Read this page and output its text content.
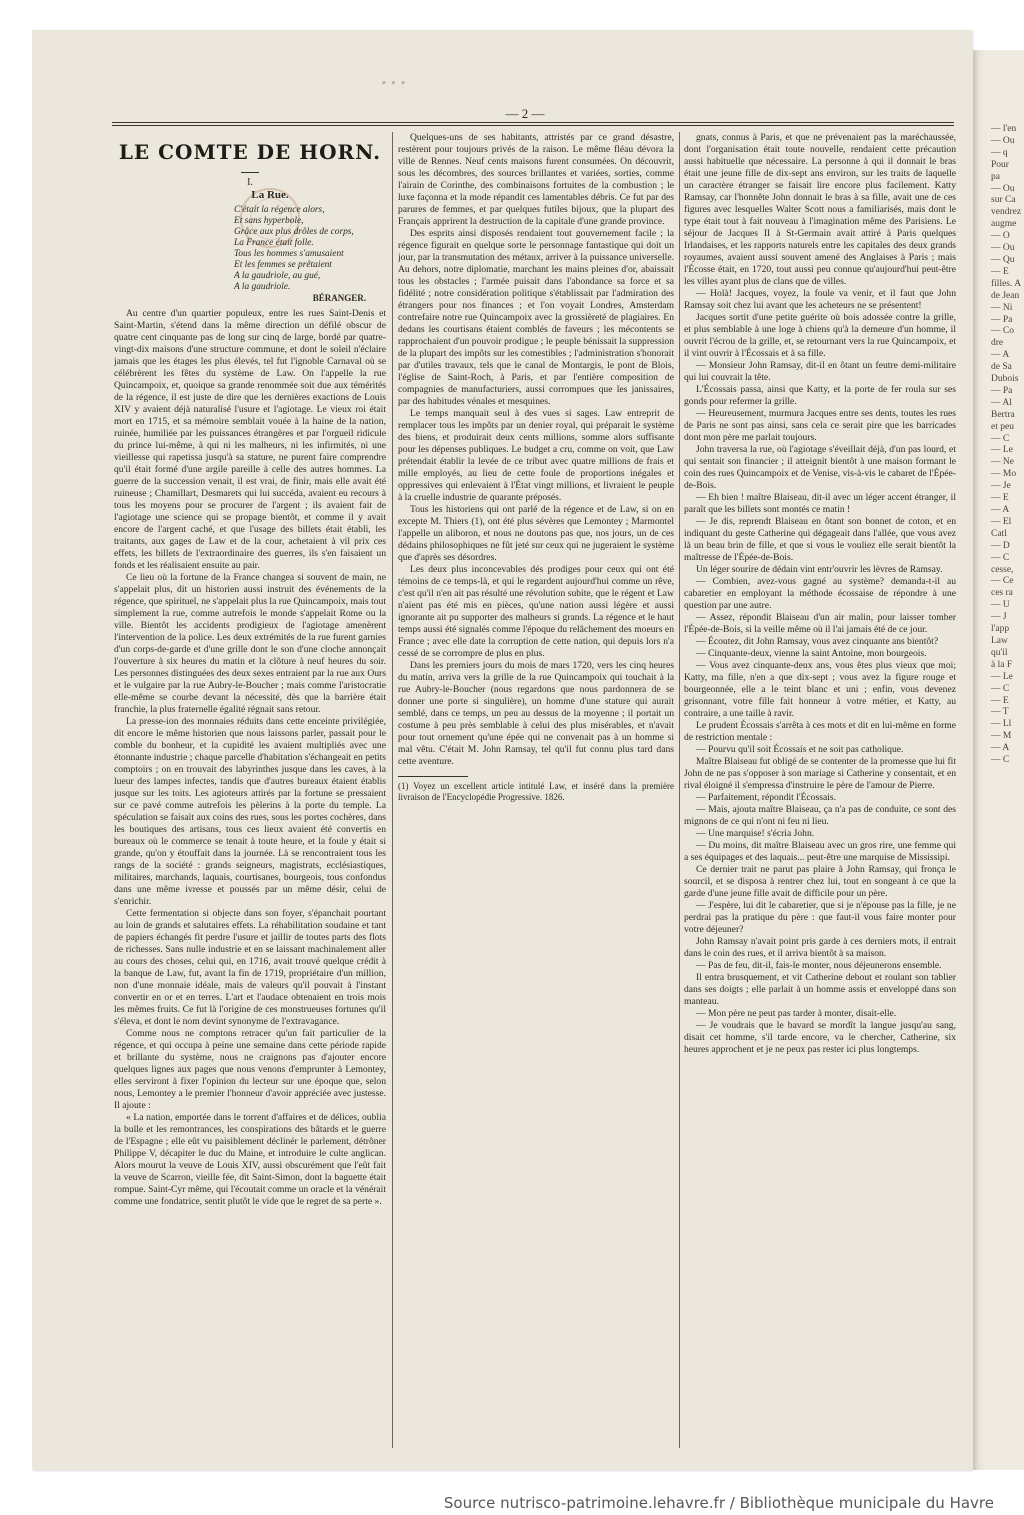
— l'en
— Ou
— q
Pour
pa
— Ou
sur Ca
vendrez
augme
— O
— Ou
— Qu
— E
filles. A
de Jean
— Ni
— Pa
— Co
dre
— A
de Sa
Dubois
— Pa
— Al
Bertra
et peu
— C
— Le
— Ne
— Mo
— Je
— E
— A
— El
Catl
— D
— C
cesse,
— Ce
ces ra
— U
— J
l'app
Law
qu'il
à la F
— Le
— C
— E
— T
— Ll
— M
— A
— C
...
— 2 —
LE COMTE DE HORN.
I.
La Rue.
C'était la régence alors,
Et sans hyperbole,
Grâce aux plus drôles de corps,
La France était folle.
Tous les hommes s'amusaient
Et les femmes se prêtaient
A la gaudriole, au gué,
A la gaudriole.
BÉRANGER.

Au centre d'un quartier populeux, entre les rues Saint-Denis et Saint-Martin, s'étend dans la même direction un défilé obscur de quatre cent cinquante pas de long sur cinq de large, bordé par quatre-vingt-dix maisons d'une structure commune, et dont le soleil n'éclaire jamais que les étages les plus élevés, tel fut l'ignoble Carnaval où se célébrèrent les fêtes du système de Law. On l'appelle la rue Quincampoix, et, quoique sa grande renommée soit due aux témérités de la régence, il est juste de dire que les dernières exactions de Louis XIV y avaient déjà naturalisé l'usure et l'agiotage. Le vieux roi était mort en 1715, et sa mémoire semblait vouée à la haine de la nation, ruinée, humiliée par les puissances étrangères et par l'orgueil ridicule du prince lui-même, à qui ni les malheurs, ni les infirmités, ni une vieillesse qui rapetissa jusqu'à sa stature, ne purent faire comprendre qu'il était formé d'une argile pareille à celle des autres hommes. La guerre de la succession venait, il est vrai, de finir, mais elle avait été ruineuse ; Chamillart, Desmarets qui lui succéda, avaient eu recours à tous les moyens pour se procurer de l'argent ; ils avaient fait de l'agiotage une science qui se propage bientôt, et comme il y avait encore de l'argent caché, et que l'usage des billets était établi, les traitants, aux gages de Law et de la cour, achetaient à vil prix ces effets, les billets de l'extraordinaire des guerres, ils s'en faisaient un fonds et les réalisaient ensuite au pair.

Ce lieu où la fortune de la France changea si souvent de main, ne s'appelait plus, dit un historien aussi instruit des événements de la régence, que spirituel, ne s'appelait plus la rue Quincampoix, mais tout simplement la rue, comme autrefois le monde s'appelait Rome ou la ville. Bientôt les accidents prodigieux de l'agiotage amenèrent l'intervention de la police. Les deux extrémités de la rue furent garnies d'un corps-de-garde et d'une grille dont le son d'une cloche annonçait l'ouverture à six heures du matin et la clôture à neuf heures du soir. Les personnes distinguées des deux sexes entraient par la rue aux Ours et le vulgaire par la rue Aubry-le-Boucher ; mais comme l'aristocratie elle-même se courbe devant la nécessité, dès que la barrière était franchie, la plus fraternelle égalité régnait sans retour.

La presse-ion des monnaies réduits dans cette enceinte privilégiée, dit encore le même historien que nous laissons parler, passait pour le comble du bonheur, et la cupidité les avaient multipliés avec une étonnante industrie ; chaque parcelle d'habitation s'échangeait en petits comptoirs ; on en trouvait des labyrinthes jusque dans les caves, à la lueur des lampes infectes, tandis que d'autres bureaux étaient établis jusque sur les toits. Les agioteurs attirés par la fortune se pressaient sur ce pavé comme autrefois les pèlerins à la porte du temple. La spéculation se faisait aux coins des rues, sous les portes cochères, dans les boutiques des artisans, tous ces lieux avaient été convertis en bureaux où le commerce se tenait à toute heure, et la foule y était si grande, qu'on y étouffait dans la journée. Là se rencontraient tous les rangs de la société : grands seigneurs, magistrats, ecclésiastiques, militaires, marchands, laquais, courtisanes, bourgeois, tous confondus dans une même ivresse et poussés par un même désir, celui de s'enrichir.

Cette fermentation si objecte dans son foyer, s'épanchait pourtant au loin de grands et salutaires effets. La réhabilitation soudaine et tant de papiers échangés fit perdre l'usure et jaillir de toutes parts des flots de richesses. Sans nulle industrie et en se laissant machinalement aller au cours des choses, celui qui, en 1716, avait trouvé quelque crédit à la banque de Law, fut, avant la fin de 1719, propriétaire d'un million, non d'une monnaie idéale, mais de valeurs qu'il pouvait à l'instant convertir en or et en terres. L'art et l'audace obtenaient en trois mois les mêmes fruits. Ce fut là l'origine de ces monstrueuses fortunes qu'il s'éleva, et dont le nom devint synonyme de l'extravagance.

Comme nous ne comptons retracer qu'un fait particulier de la régence, et qui occupa à peine une semaine dans cette période rapide et brillante du système, nous ne craignons pas d'ajouter encore quelques lignes aux pages que nous venons d'emprunter à Lemontey, elles serviront à fixer l'opinion du lecteur sur une époque que, selon nous, Lemontey a le premier l'honneur d'avoir appréciée avec justesse. Il ajoute :

« La nation, emportée dans le torrent d'affaires et de délices, oublia la bulle et les remontrances, les conspirations des bâtards et le guerre de l'Espagne ; elle eût vu paisiblement déclinér le parlement, détrôner Philippe V, décapiter le duc du Maine, et introduire le culte anglican. Alors mourut la veuve de Louis XIV, aussi obscurément que l'eût fait la veuve de Scarron, vieille fée, dit Saint-Simon, dont la baguette était rompue. Saint-Cyr même, qui l'écoutait comme un oracle et la vénérait comme une fondatrice, sentit plutôt le vide que le regret de sa perte ».

Quelques-uns de ses habitants, attristés par ce grand désastre, restèrent pour toujours privés de la raison. Le même fléau dévora la ville de Rennes. Neuf cents maisons furent consumées. On découvrit, sous les décombres, des sources brillantes et variées, sorties, comme l'airain de Corinthe, des combinaisons fortuites de la combustion ; le luxe façonna et la mode répandit ces lamentables débris. Ce fut par des parures de femmes, et par quelques futiles bijoux, que la plupart des Français apprirent la destruction de la capitale d'une grande province.

Des esprits ainsi disposés rendaient tout gouvernement facile ; la régence figurait en quelque sorte le personnage fantastique qui doit un jour, par la transmutation des métaux, arriver à la puissance universelle. Au dehors, notre diplomatie, marchant les mains pleines d'or, abaissait tous les obstacles ; l'armée puisait dans l'abondance sa force et sa fidélité ; notre considération politique s'établissait par l'admiration des étrangers pour nos finances ; et l'on voyait Londres, Amsterdam contrefaire notre rue Quincampoix avec la grossièreté de plagiaires. En dedans les courtisans étaient comblés de faveurs ; les mécontents se rapprochaient d'un pouvoir prodigue ; le peuple bénissait la suppression de la plupart des impôts sur les comestibles ; l'administration s'honorait par d'utiles travaux, tels que le canal de Montargis, le pont de Blois, l'église de Saint-Roch, à Paris, et par l'entière composition de compagnies de manufacturiers, aussi corrompues que les janissaires, par des habitudes vénales et mesquines.

Le temps manquait seul à des vues si sages. Law entreprit de remplacer tous les impôts par un denier royal, qui préparait le système des biens, et produirait deux cents millions, somme alors suffisante pour les dépenses publiques. Le budget a cru, comme on voit, que Law prétendait établir la levée de ce tribut avec quatre millions de frais et mille employés, au lieu de cette foule de proportions inégales et oppressives qui enlevaient à l'État vingt millions, et livraient le peuple à la cruelle industrie de quarante préposés.

Tous les historiens qui ont parlé de la régence et de Law, si on en excepte M. Thiers (1), ont été plus sévères que Lemontey ; Marmontel l'appelle un aliboron, et nous ne doutons pas que, nos jours, un de ces dédains philosophiques ne fût jeté sur ceux qui ne jugeraient le système que d'après ses désordres.

Les deux plus inconcevables dés prodiges pour ceux qui ont été témoins de ce temps-là, et qui le regardent aujourd'hui comme un rêve, c'est qu'il n'en ait pas résulté une révolution subite, que le régent et Law n'aient pas été mis en pièces, qu'une nation aussi légère et aussi ignorante ait pu supporter des malheurs si grands. La régence et le haut temps aussi été signalés comme l'époque du relâchement des moeurs en France ; avec elle date la corruption de cette nation, qui depuis lors n'a cessé de se corrompre de plus en plus.

Dans les premiers jours du mois de mars 1720, vers les cinq heures du matin, arriva vers la grille de la rue Quincampoix qui touchait à la rue Aubry-le-Boucher (nous regardons que nous pardonnera de se donner une porte si singulière), un homme d'une stature qui aurait semblé, dans ce temps, un peu au dessus de la moyenne ; il portait un costume à peu près semblable à celui des plus misérables, et n'avait pour tout ornement qu'une épée qui ne convenait pas à un homme si mal vêtu. C'était M. John Ramsay, tel qu'il fut connu plus tard dans cette aventure.

(1) Voyez un excellent article intitulé Law, et inséré dans la première livraison de l'Encyclopédie Progressive. 1826.

gnats, connus à Paris, et que ne prévenaient pas la maréchaussée, dont l'organisation était toute nouvelle, rendaient cette précaution aussi habituelle que nécessaire. La personne à qui il donnait le bras était une jeune fille de dix-sept ans environ, sur les traits de laquelle un caractère étranger se faisait lire encore plus facilement. Katty Ramsay, car l'honnête John donnait le bras à sa fille, avait une de ces figures avec lesquelles Walter Scott nous a familiarisés, mais dont le type était tout à fait nouveau à l'imagination même des Parisiens. Le séjour de Jacques II à St-Germain avait attiré à Paris quelques Irlandaises, et les rapports naturels entre les capitales des deux grands royaumes, avaient aussi souvent amené des Anglaises à Paris ; mais l'Écosse était, en 1720, tout aussi peu connue qu'aujourd'hui peut-être les villes ayant plus de clans que de villes.

— Holà! Jacques, voyez, la foule va venir, et il faut que John Ramsay soit chez lui avant que les acheteurs ne se présentent!

Jacques sortit d'une petite guérite où bois adossée contre la grille, et plus semblable à une loge à chiens qu'à la demeure d'un homme, il ouvrit l'écrou de la grille, et, se retournant vers la rue Quincampoix, et il vint ouvrir à l'Écossais et à sa fille.

— Monsieur John Ramsay, dit-il en ôtant un feutre demi-militaire qui lui couvrait la tête.

L'Écossais passa, ainsi que Katty, et la porte de fer roula sur ses gonds pour refermer la grille.

— Heureusement, murmura Jacques entre ses dents, toutes les rues de Paris ne sont pas ainsi, sans cela ce serait pire que les barricades dont mon père me parlait toujours.

John traversa la rue, où l'agiotage s'éveillait déjà, d'un pas lourd, et qui sentait son financier ; il atteignit bientôt à une maison formant le coin des rues Quincampoix et de Venise, vis-à-vis le cabaret de l'Épée-de-Bois.

— Eh bien ! maître Blaiseau, dit-il avec un léger accent étranger, il paraît que les billets sont montés ce matin !

— Je dis, reprendt Blaiseau en ôtant son bonnet de coton, et en indiquant du geste Catherine qui dégageait dans l'allée, que vous avez là un beau brin de fille, et que si vous le vouliez elle serait bientôt la maîtresse de l'Épée-de-Bois.

Un léger sourire de dédain vint entr'ouvrir les lèvres de Ramsay.

— Combien, avez-vous gagné au système? demanda-t-il au cabaretier en employant la méthode écossaise de répondre à une question par une autre.

— Assez, répondit Blaiseau d'un air malin, pour laisser tomber l'Épée-de-Bois, si la veille même où il l'ai jamais été de ce jour.

— Écoutez, dit John Ramsay, vous avez cinquante ans bientôt?

— Cinquante-deux, vienne la saint Antoine, mon bourgeois.

— Vous avez cinquante-deux ans, vous êtes plus vieux que moi; Katty, ma fille, n'en a que dix-sept ; vous avez la figure rouge et bourgeonnée, elle a le teint blanc et uni ; enfin, vous devenez grisonnant, votre fille fait honneur à votre métier, et Katty, au contraire, a une taille à ravir.

Le prudent Écossais s'arrêta à ces mots et dit en lui-même en forme de restriction mentale :

— Pourvu qu'il soit Écossais et ne soit pas catholique.

Maître Blaiseau fut obligé de se contenter de la promesse que lui fit John de ne pas s'opposer à son mariage si Catherine y consentait, et en rival éloigné il s'empressa d'instruire le père de l'amour de Pierre.

— Parfaitement, répondit l'Écossais.

— Mais, ajouta maître Blaiseau, ça n'a pas de conduite, ce sont des mignons de ce qui n'ont ni feu ni lieu.

— Une marquise! s'écria John.

— Du moins, dit maître Blaiseau avec un gros rire, une femme qui a ses équipages et des laquais... peut-être une marquise de Mississipi.

Ce dernier trait ne parut pas plaire à John Ramsay, qui fronça le sourcil, et se disposa à rentrer chez lui, tout en songeant à ce que la garde d'une jeune fille avait de difficile pour un père.

— J'espère, lui dit le cabaretier, que si je n'épouse pas la fille, je ne perdrai pas la pratique du père : que faut-il vous faire monter pour votre déjeuner?

John Ramsay n'avait point pris garde à ces derniers mots, il entrait dans le coin des rues, et il arriva bientôt à sa maison.

— Pas de feu, dit-il, fais-le monter, nous déjeunerons ensemble.

Il entra brusquement, et vit Catherine debout et roulant son tablier dans ses doigts ; elle parlait à un homme assis et enveloppé dans son manteau.

— Mon père ne peut pas tarder à monter, disait-elle.

— Je voudrais que le bavard se mordît la langue jusqu'au sang, disait cet homme, s'il tarde encore, va le chercher, Catherine, six heures approchent et je ne peux pas rester ici plus longtemps.

Source nutrisco-patrimoine.lehavre.fr / Bibliothèque municipale du Havre
